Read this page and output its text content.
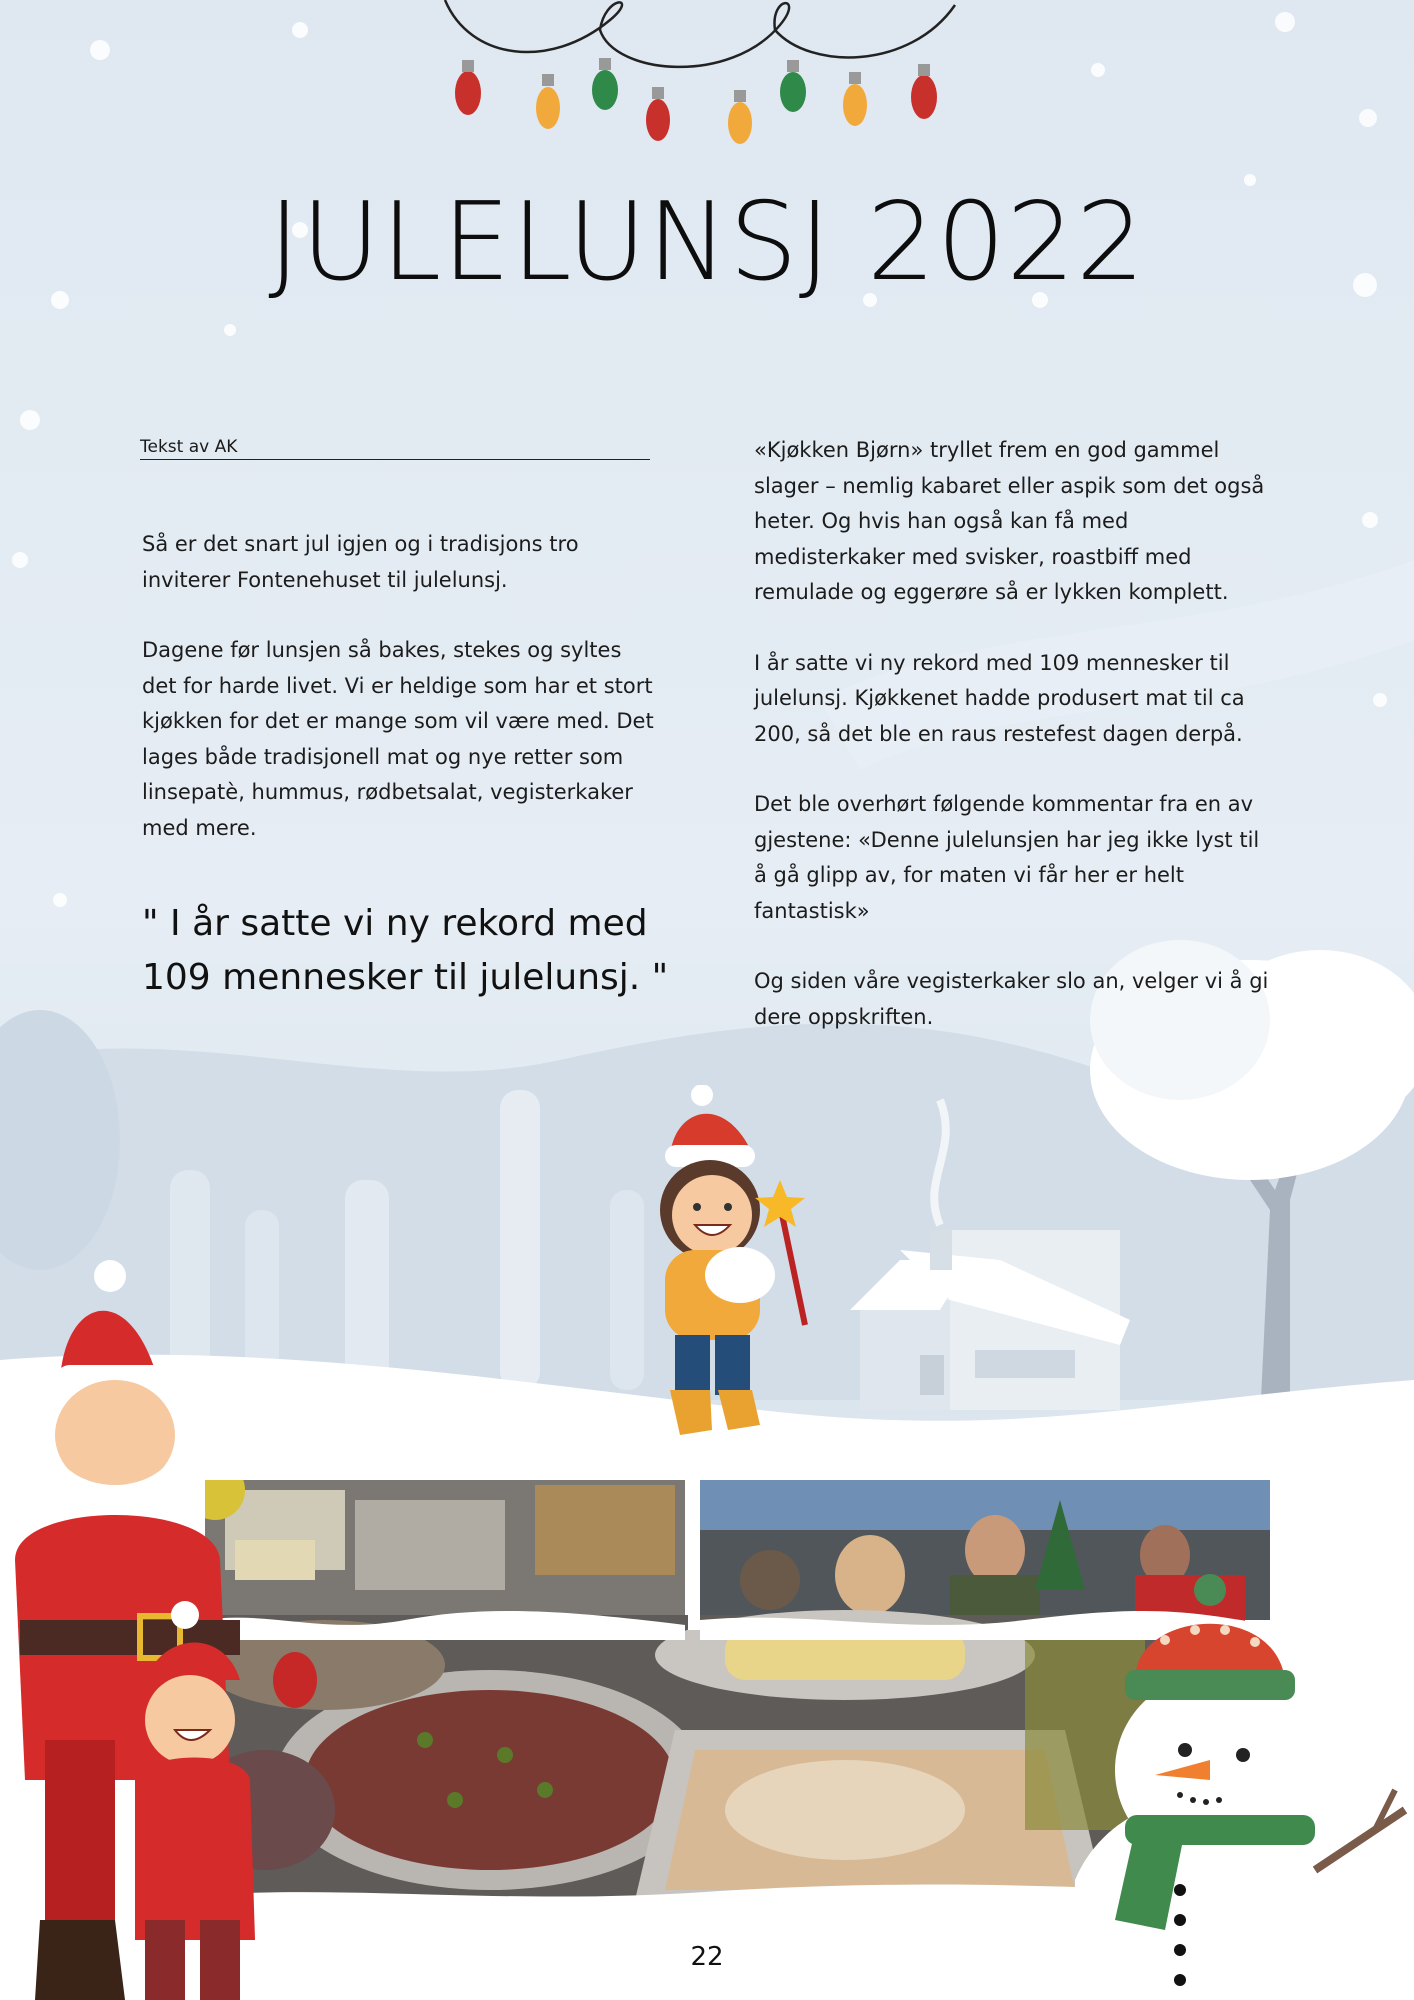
JULELUNSJ 2022
Tekst av AK

Så er det snart jul igjen og i tradisjons tro inviterer Fontenehuset til julelunsj.

Dagene før lunsjen så bakes, stekes og syltes det for harde livet. Vi er heldige som har et stort kjøkken for det er mange som vil være med. Det lages både tradisjonell mat og nye retter som linsepatè, hummus, rødbetsalat, vegisterkaker med mere.

" I år satte vi ny rekord med 109 mennesker til julelunsj. "

«Kjøkken Bjørn» tryllet frem en god gammel slager – nemlig kabaret eller aspik som det også heter. Og hvis han også kan få med medisterkaker med svisker, roastbiff med remulade og eggerøre så er lykken komplett.

I år satte vi ny rekord med 109 mennesker til julelunsj. Kjøkkenet hadde produsert mat til ca 200, så det ble en raus restefest dagen derpå.

Det ble overhørt følgende kommentar fra en av gjestene: «Denne julelunsjen har jeg ikke lyst til å gå glipp av, for maten vi får her er helt fantastisk»

Og siden våre vegisterkaker slo an, velger vi å gi dere oppskriften.

22
